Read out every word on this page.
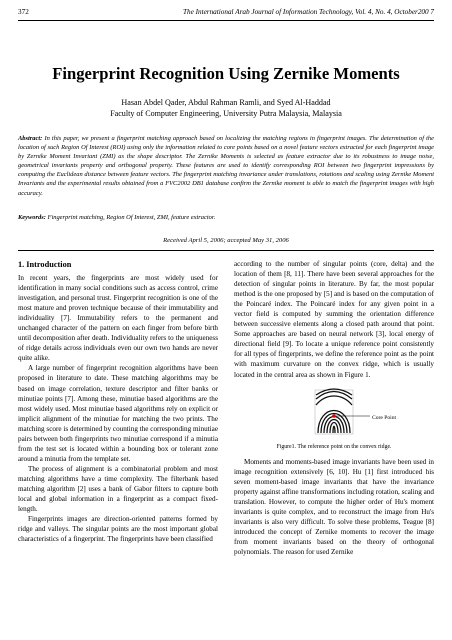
372	The International Arab Journal of Information Technology, Vol. 4, No. 4, October200 7
Fingerprint Recognition Using Zernike Moments
Hasan Abdel Qader, Abdul Rahman Ramli, and Syed Al-Haddad
Faculty of Computer Engineering, University Putra Malaysia, Malaysia
Abstract: In this paper, we present a fingerprint matching approach based on localizing the matching regions in fingerprint images. The determination of the location of such Region Of Interest (ROI) using only the information related to core points based on a novel feature vectors extracted for each fingerprint image by Zernike Moment Invariant (ZMI) as the shape descriptor. The Zernike Moments is selected as feature extractor due to its robustness to image noise, geometrical invariants property and orthogonal property. These features are used to identify corresponding ROI between two fingerprint impressions by computing the Euclidean distance between feature vectors. The fingerprint matching invariance under translations, rotations and scaling using Zernike Moment Invariants and the experimental results obtained from a FVC2002 DB1 database confirm the Zernike moment is able to match the fingerprint images with high accuracy.
Keywords: Fingerprint matching, Region Of Interest, ZMI, feature extractor.
Received April 5, 2006; accepted May 31, 2006
1. Introduction

In recent years, the fingerprints are most widely used for identification in many social conditions such as access control, crime investigation, and personal trust. Fingerprint recognition is one of the most mature and proven technique because of their immutability and individuality [7]. Immutability refers to the permanent and unchanged character of the pattern on each finger from before birth until decomposition after death. Individuality refers to the uniqueness of ridge details across individuals even our own two hands are never quite alike.

A large number of fingerprint recognition algorithms have been proposed in literature to date. These matching algorithms may be based on image correlation, texture descriptor and filter banks or minutiae points [7]. Among these, minutiae based algorithms are the most widely used. Most minutiae based algorithms rely on explicit or implicit alignment of the minutiae for matching the two prints. The matching score is determined by counting the corresponding minutiae pairs between both fingerprints two minutiae correspond if a minutia from the test set is located within a bounding box or tolerant zone around a minutia from the template set.

The process of alignment is a combinatorial problem and most matching algorithms have a time complexity. The filterbank based matching algorithm [2] uses a bank of Gabor filters to capture both local and global information in a fingerprint as a compact fixed-length.

Fingerprints images are direction-oriented patterns formed by ridge and valleys. The singular points are the most important global characteristics of a fingerprint. The fingerprints have been classified

according to the number of singular points (core, delta) and the location of them [8, 11]. There have been several approaches for the detection of singular points in literature. By far, the most popular method is the one proposed by [5] and is based on the computation of the Poincaré index. The Poincaré index for any given point in a vector field is computed by summing the orientation difference between successive elements along a closed path around that point. Some approaches are based on neural network [3], local energy of directional field [9]. To locate a unique reference point consistently for all types of fingerprints, we define the reference point as the point with maximum curvature on the convex ridge, which is usually located in the central area as shown in Figure 1.

Core Point
Figure1. The reference point on the convex ridge.

Moments and moments-based image invariants have been used in image recognition extensively [6, 10]. Hu [1] first introduced his seven moment-based image invariants that have the invariance property against affine transformations including rotation, scaling and translation. However, to compute the higher order of Hu's moment invariants is quite complex, and to reconstruct the image from Hu's invariants is also very difficult. To solve these problems, Teague [8] introduced the concept of Zernike moments to recover the image from moment invariants based on the theory of orthogonal polynomials. The reason for used Zernike
